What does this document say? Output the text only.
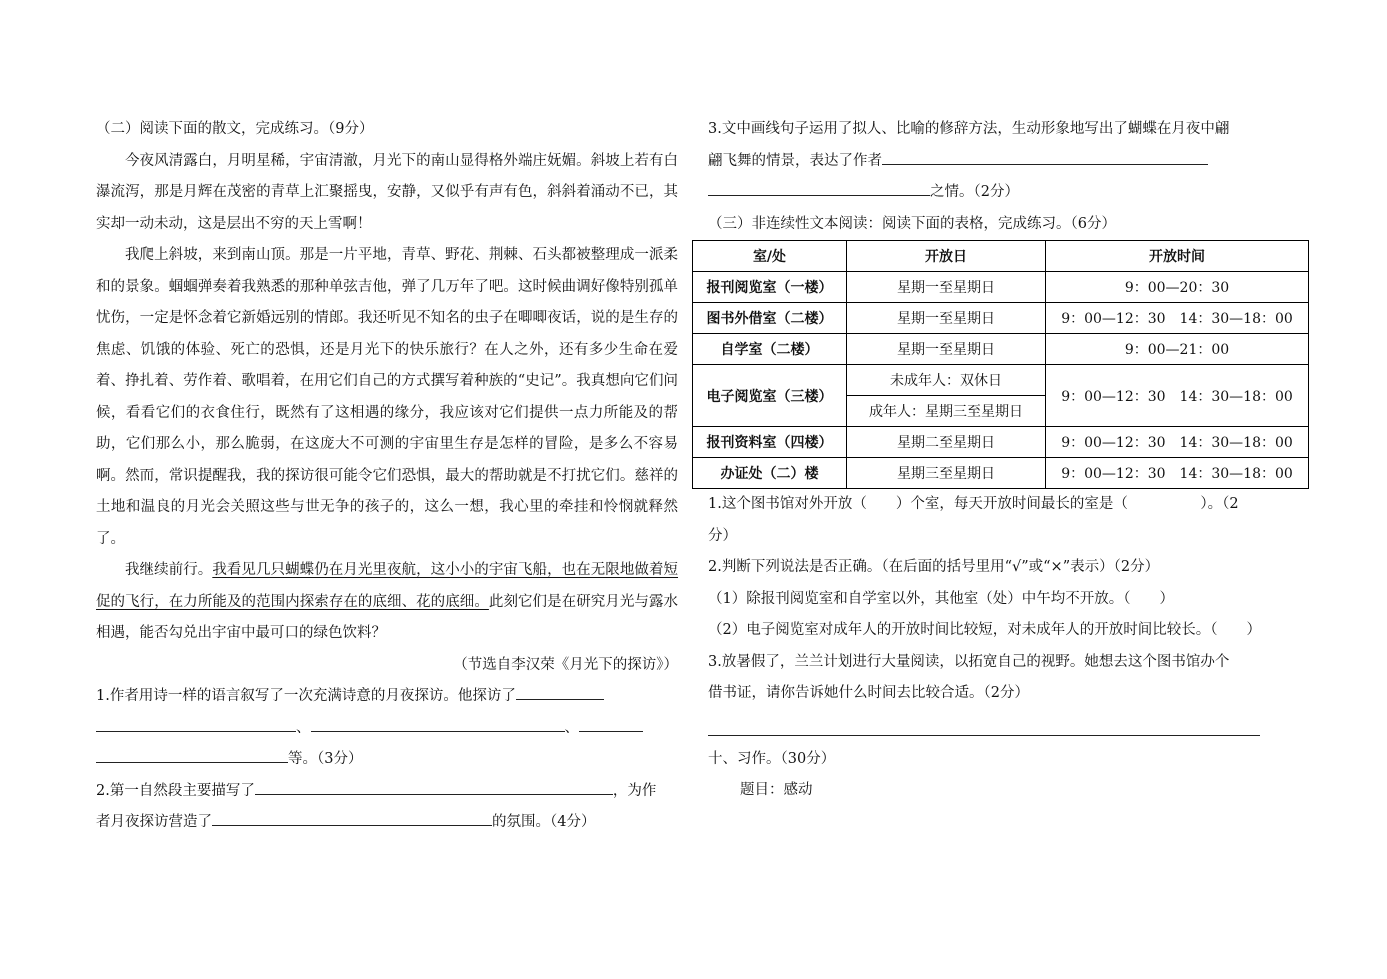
（二）阅读下面的散文，完成练习。（9分）
今夜风清露白，月明星稀，宇宙清澈，月光下的南山显得格外端庄妩媚。斜坡上若有白瀑流泻，那是月辉在茂密的青草上汇聚摇曳，安静，又似乎有声有色，斜斜着涌动不已，其实却一动未动，这是层出不穷的天上雪啊！
我爬上斜坡，来到南山顶。那是一片平地，青草、野花、荆棘、石头都被整理成一派柔和的景象。蝈蝈弹奏着我熟悉的那种单弦吉他，弹了几万年了吧。这时候曲调好像特别孤单忧伤，一定是怀念着它新婚远别的情郎。我还听见不知名的虫子在唧唧夜话，说的是生存的焦虑、饥饿的体验、死亡的恐惧，还是月光下的快乐旅行？在人之外，还有多少生命在爱着、挣扎着、劳作着、歌唱着，在用它们自己的方式撰写着种族的“史记”。我真想向它们问候，看看它们的衣食住行，既然有了这相遇的缘分，我应该对它们提供一点力所能及的帮助，它们那么小，那么脆弱，在这庞大不可测的宇宙里生存是怎样的冒险，是多么不容易啊。然而，常识提醒我，我的探访很可能令它们恐惧，最大的帮助就是不打扰它们。慈祥的土地和温良的月光会关照这些与世无争的孩子的，这么一想，我心里的牵挂和怜悯就释然了。
我继续前行。我看见几只蝴蝶仍在月光里夜航，这小小的宇宙飞船，也在无限地做着短促的飞行，在力所能及的范围内探索存在的底细、花的底细。此刻它们是在研究月光与露水相遇，能否勾兑出宇宙中最可口的绿色饮料？
（节选自李汉荣《月光下的探访》）
1.作者用诗一样的语言叙写了一次充满诗意的月夜探访。他探访了
、	、
等。（3分）
2.第一自然段主要描写了	，为作
者月夜探访营造了	的氛围。（4分）
3.文中画线句子运用了拟人、比喻的修辞方法，生动形象地写出了蝴蝶在月夜中翩
翩飞舞的情景，表达了作者
之情。（2分）
（三）非连续性文本阅读：阅读下面的表格，完成练习。（6分）
室/处	开放日	开放时间
报刊阅览室（一楼）	星期一至星期日	9：00—20：30
图书外借室（二楼）	星期一至星期日	9：00—12：30　14：30—18：00
自学室（二楼）	星期一至星期日	9：00—21：00
电子阅览室（三楼）	未成年人：双休日	9：00—12：30　14：30—18：00
	成年人：星期三至星期日	
报刊资料室（四楼）	星期二至星期日	9：00—12：30　14：30—18：00
办证处（二）楼	星期三至星期日	9：00—12：30　14：30—18：00
1.这个图书馆对外开放（　　）个室，每天开放时间最长的室是（　　　　　）。（2
分）
2.判断下列说法是否正确。（在后面的括号里用“√”或“×”表示）（2分）
（1）除报刊阅览室和自学室以外，其他室（处）中午均不开放。（　　）
（2）电子阅览室对成年人的开放时间比较短，对未成年人的开放时间比较长。（　　）
3.放暑假了，兰兰计划进行大量阅读，以拓宽自己的视野。她想去这个图书馆办个
借书证，请你告诉她什么时间去比较合适。（2分）
十、习作。（30分）
题目：感动
